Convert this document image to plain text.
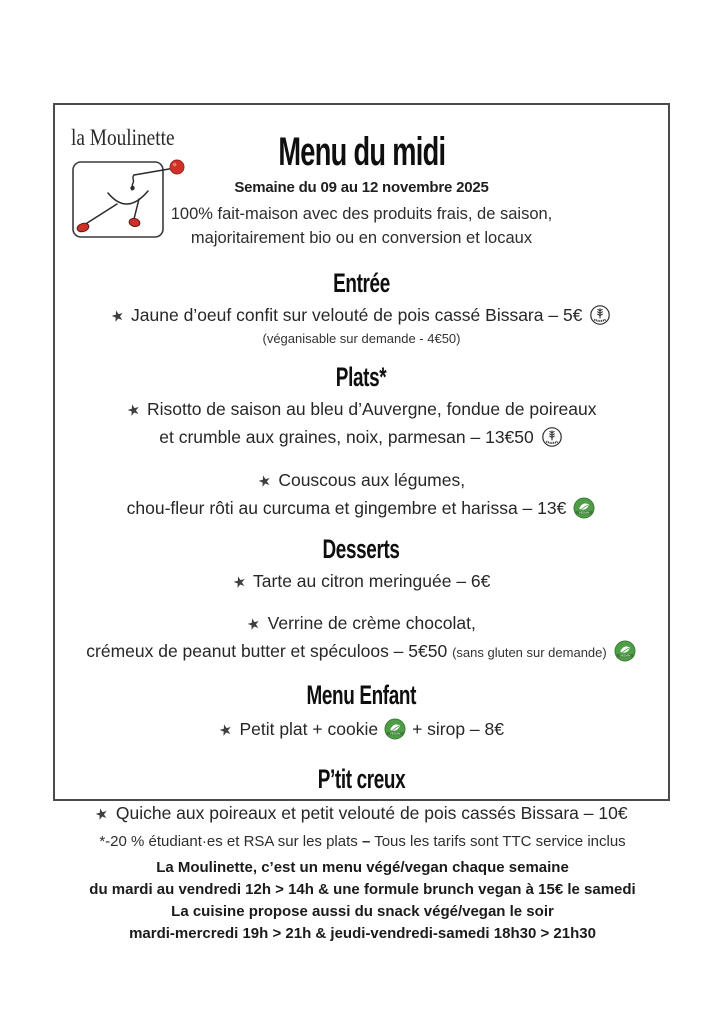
la Moulinette	Menu du midi
Semaine du 09 au 12 novembre 2025
100% fait-maison avec des produits frais, de saison,
majoritairement bio ou en conversion et locaux
Entrée
★ Jaune d’oeuf confit sur velouté de pois cassé Bissara – 5€
(véganisable sur demande - 4€50)
Plats*
★ Risotto de saison au bleu d’Auvergne, fondue de poireaux
et crumble aux graines, noix, parmesan – 13€50
★ Couscous aux légumes,
chou-fleur rôti au curcuma et gingembre et harissa – 13€	VEGAN
Desserts
★ Tarte au citron meringuée – 6€
★ Verrine de crème chocolat,
crémeux de peanut butter et spéculoos – 5€50 (sans gluten sur demande)	VEGAN
Menu Enfant
★ Petit plat + cookie	VEGAN + sirop – 8€
P’tit creux
★ Quiche aux poireaux et petit velouté de pois cassés Bissara – 10€
*-20 % étudiant·es et RSA sur les plats – Tous les tarifs sont TTC service inclus
La Moulinette, c’est un menu végé/vegan chaque semaine
du mardi au vendredi 12h > 14h & une formule brunch vegan à 15€ le samedi
La cuisine propose aussi du snack végé/vegan le soir
mardi-mercredi 19h > 21h & jeudi-vendredi-samedi 18h30 > 21h30
